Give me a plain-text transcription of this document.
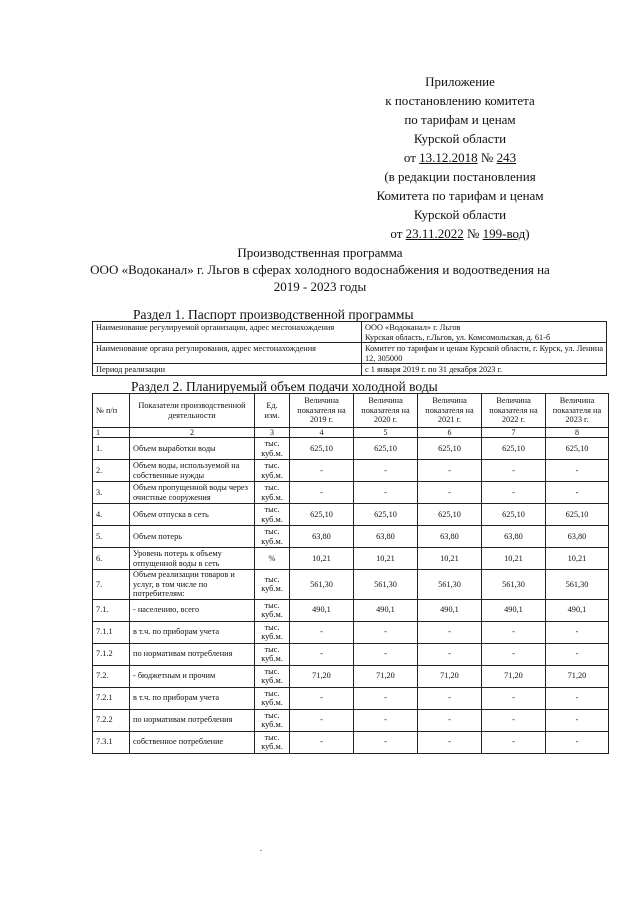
Приложение
к постановлению комитета
по тарифам и ценам
Курской области
от 13.12.2018 № 243
(в редакции постановления
Комитета по тарифам и ценам
Курской области
от 23.11.2022 № 199-вод)
Производственная программа
ООО «Водоканал» г. Льгов в сферах холодного водоснабжения и водоотведения на
2019 - 2023 годы
Раздел 1. Паспорт производственной программы
Наименование регулируемой организации, адрес местонахождения	ООО «Водоканал» г. Льгов
Курская область, г.Льгов, ул. Комсомольская, д. 61-б
Наименование органа регулирования, адрес местонахождения	Комитет по тарифам и ценам Курской области, г. Курск, ул. Ленина 12, 305000
Период реализации	с 1 января 2019 г. по 31 декабря 2023 г.
Раздел 2. Планируемый объем подачи холодной воды
№ п/п	Показатели производственной деятельности	Ед. изм.	Величина показателя на 2019 г.	Величина показателя на 2020 г.	Величина показателя на 2021 г.	Величина показателя на 2022 г.	Величина показателя на 2023 г.
1	2	3	4	5	6	7	8
1.	Объем выработки воды	тыс. куб.м.	625,10	625,10	625,10	625,10	625,10
2.	Объем воды, используемой на собственные нужды	тыс. куб.м.	-	-	-	-	-
3.	Объем пропущенной воды через очистные сооружения	тыс. куб.м.	-	-	-	-	-
4.	Объем отпуска в сеть	тыс. куб.м.	625,10	625,10	625,10	625,10	625,10
5.	Объем потерь	тыс. куб.м.	63,80	63,80	63,80	63,80	63,80
6.	Уровень потерь к объему отпущенной воды в сеть	%	10,21	10,21	10,21	10,21	10,21
7.	Объем реализации товаров и услуг, в том числе по потребителям:	тыс. куб.м.	561,30	561,30	561,30	561,30	561,30
7.1.	- населению, всего	тыс. куб.м.	490,1	490,1	490,1	490,1	490,1
7.1.1	в т.ч. по приборам учета	тыс. куб.м.	-	-	-	-	-
7.1.2	по нормативам потребления	тыс. куб.м.	-	-	-	-	-
7.2.	- бюджетным и прочим	тыс. куб.м.	71,20	71,20	71,20	71,20	71,20
7.2.1	в т.ч. по приборам учета	тыс. куб.м.	-	-	-	-	-
7.2.2	по нормативам потребления	тыс. куб.м.	-	-	-	-	-
7.3.1	собственное потребление	тыс. куб.м.	-	-	-	-	-
